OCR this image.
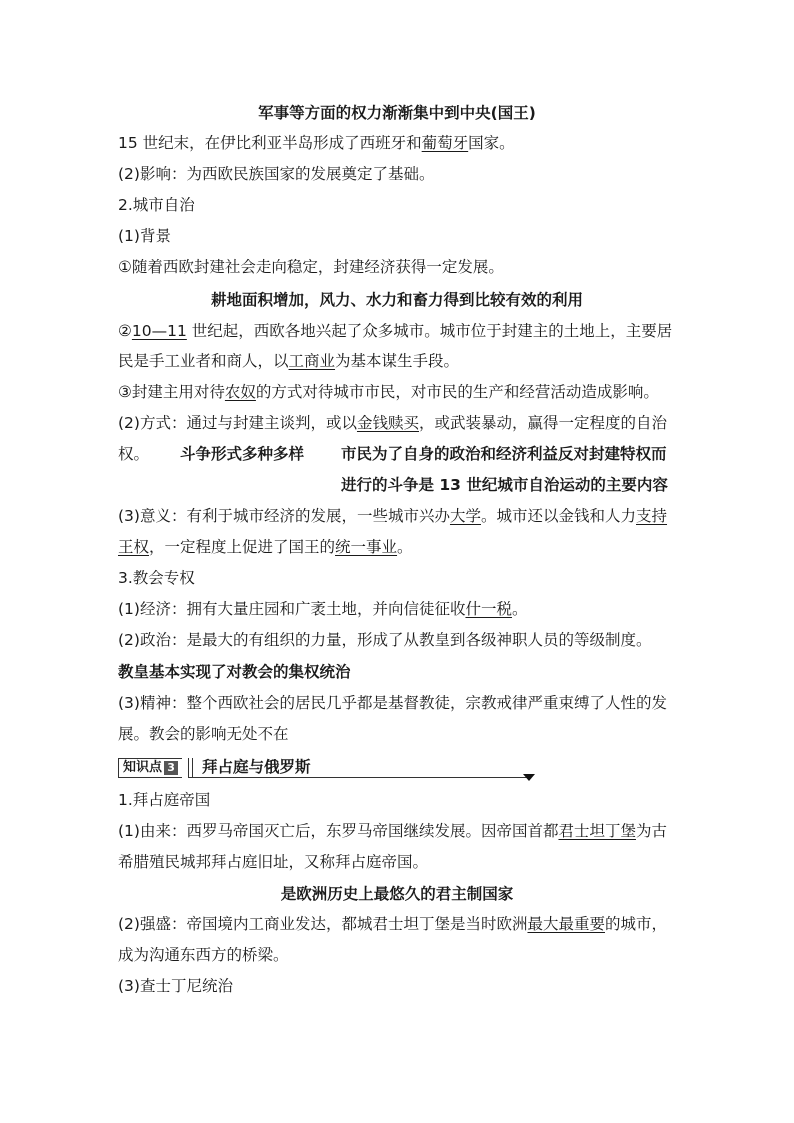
军事等方面的权力渐渐集中到中央(国王)
15 世纪末，在伊比利亚半岛形成了西班牙和葡萄牙国家。
(2)影响：为西欧民族国家的发展奠定了基础。
2.城市自治
(1)背景
①随着西欧封建社会走向稳定，封建经济获得一定发展。
耕地面积增加，风力、水力和畜力得到比较有效的利用
②10—11 世纪起，西欧各地兴起了众多城市。城市位于封建主的土地上，主要居
民是手工业者和商人，以工商业为基本谋生手段。
③封建主用对待农奴的方式对待城市市民，对市民的生产和经营活动造成影响。
(2)方式：通过与封建主谈判，或以金钱赎买，或武装暴动，赢得一定程度的自治
权。 斗争形式多种多样 市民为了自身的政治和经济利益反对封建特权而
进行的斗争是 13 世纪城市自治运动的主要内容
(3)意义：有利于城市经济的发展，一些城市兴办大学。城市还以金钱和人力支持
王权，一定程度上促进了国王的统一事业。
3.教会专权
(1)经济：拥有大量庄园和广袤土地，并向信徒征收什一税。
(2)政治：是最大的有组织的力量，形成了从教皇到各级神职人员的等级制度。
教皇基本实现了对教会的集权统治
(3)精神：整个西欧社会的居民几乎都是基督教徒，宗教戒律严重束缚了人性的发
展。教会的影响无处不在
知识点 3	拜占庭与俄罗斯
1.拜占庭帝国
(1)由来：西罗马帝国灭亡后，东罗马帝国继续发展。因帝国首都君士坦丁堡为古
希腊殖民城邦拜占庭旧址，又称拜占庭帝国。
是欧洲历史上最悠久的君主制国家
(2)强盛：帝国境内工商业发达，都城君士坦丁堡是当时欧洲最大最重要的城市，
成为沟通东西方的桥梁。
(3)查士丁尼统治
